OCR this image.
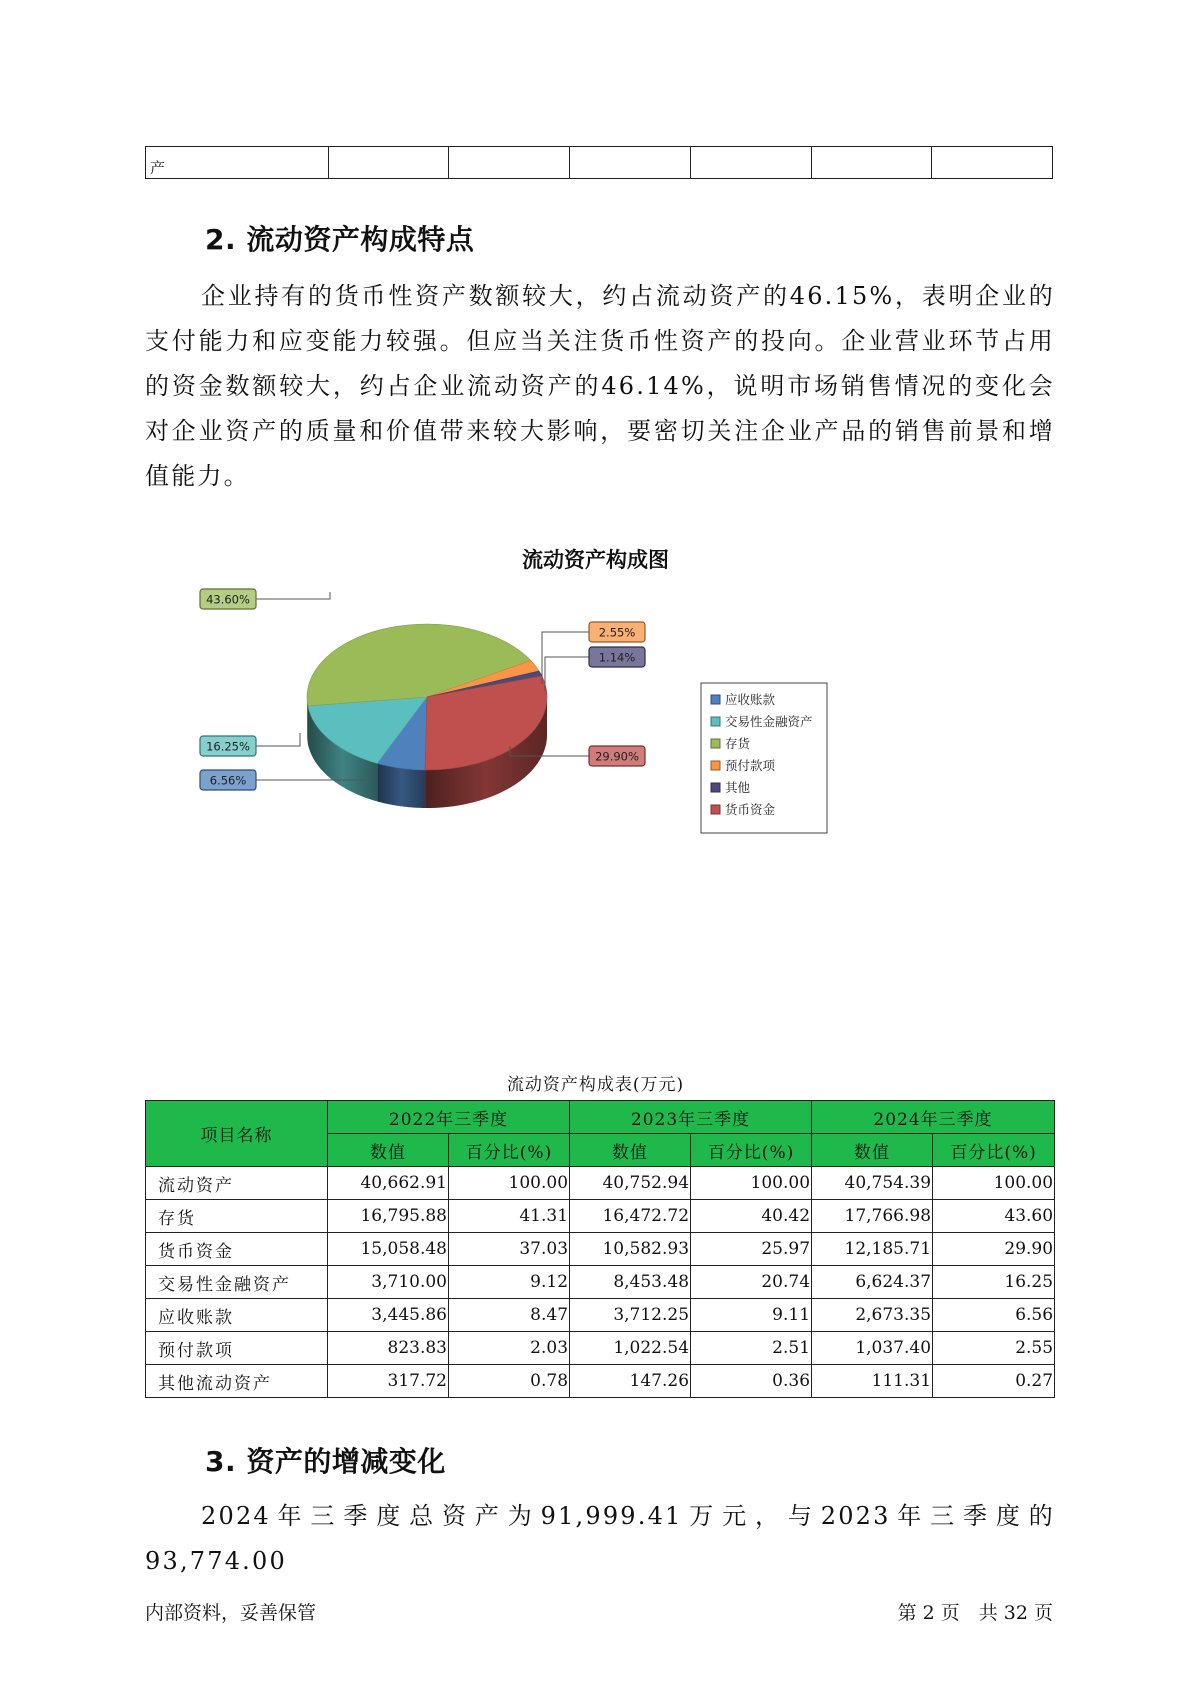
产						
2. 流动资产构成特点

企业持有的货币性资产数额较大，约占流动资产的46.15%，表明企业的支付能力和应变能力较强。但应当关注货币性资产的投向。企业营业环节占用的资金数额较大，约占企业流动资产的46.14%，说明市场销售情况的变化会对企业资产的质量和价值带来较大影响，要密切关注企业产品的销售前景和增值能力。

流动资产构成图
6.56%
16.25%
43.60%
2.55%
1.14%
29.90%
应收账款
交易性金融资产
存货
预付款项
其他
货币资金
流动资产构成表(万元)
项目名称	2022年三季度		2023年三季度		2024年三季度	
	数值	百分比(%)	数值	百分比(%)	数值	百分比(%)
流动资产	40,662.91	100.00	40,752.94	100.00	40,754.39	100.00
存货	16,795.88	41.31	16,472.72	40.42	17,766.98	43.60
货币资金	15,058.48	37.03	10,582.93	25.97	12,185.71	29.90
交易性金融资产	3,710.00	9.12	8,453.48	20.74	6,624.37	16.25
应收账款	3,445.86	8.47	3,712.25	9.11	2,673.35	6.56
预付款项	823.83	2.03	1,022.54	2.51	1,037.40	2.55
其他流动资产	317.72	0.78	147.26	0.36	111.31	0.27
3. 资产的增减变化

2024年三季度总资产为91,999.41万元，与2023年三季度的93,774.00

内部资料，妥善保管	第 2 页　共 32 页
